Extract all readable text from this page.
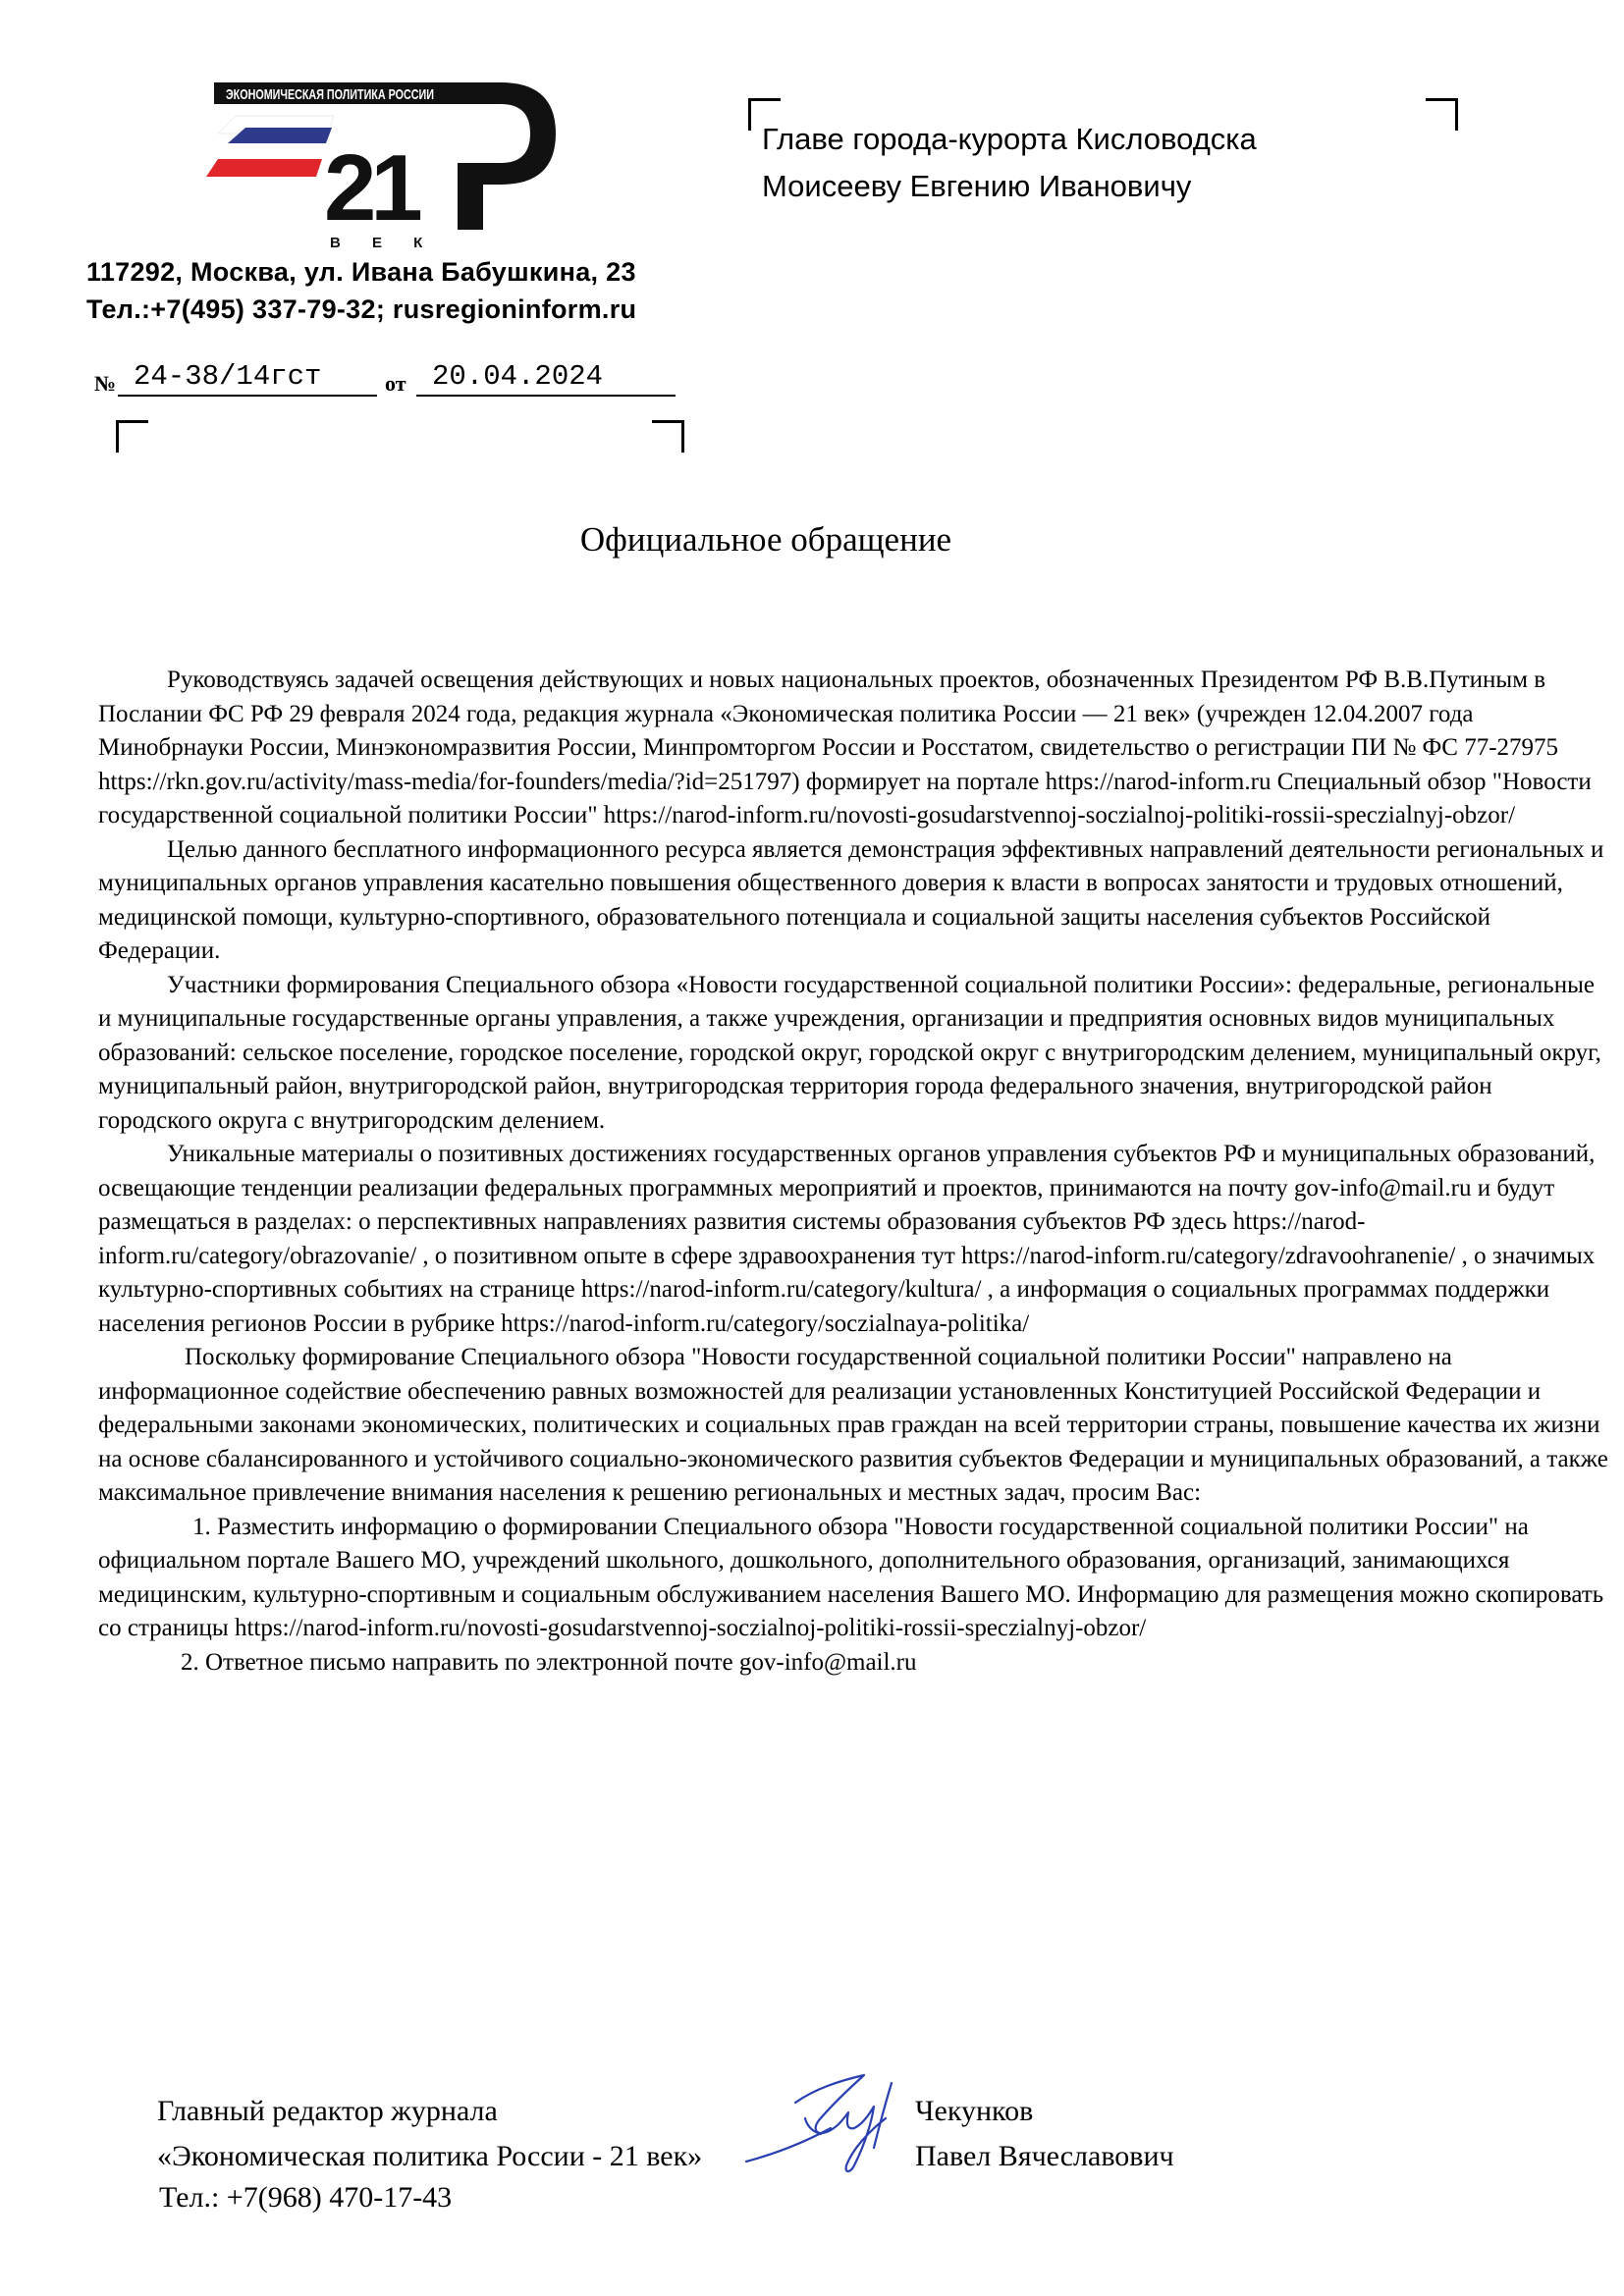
ЭКОНОМИЧЕСКАЯ ПОЛИТИКА РОССИИ
21
В Е К
117292, Москва, ул. Ивана Бабушкина, 23
Тел.:+7(495) 337-79-32; rusregioninform.ru
№ 24-38/14гст	от 20.04.2024
Главе города-курорта Кисловодска
Моисееву Евгению Ивановичу
Официальное обращение

Руководствуясь задачей освещения действующих и новых национальных проектов, обозначенных Президентом РФ В.В.Путиным в Послании ФС РФ 29 февраля 2024 года, редакция журнала «Экономическая политика России — 21 век» (учрежден 12.04.2007 года Минобрнауки России, Минэкономразвития России, Минпромторгом России и Росстатом, свидетельство о регистрации ПИ № ФС 77-27975 https://rkn.gov.ru/activity/mass-media/for-founders/media/?id=251797) формирует на портале https://narod-inform.ru Специальный обзор "Новости государственной социальной политики России" https://narod-inform.ru/novosti-gosudarstvennoj-soczialnoj-politiki-rossii-speczialnyj-obzor/

Целью данного бесплатного информационного ресурса является демонстрация эффективных направлений деятельности региональных и муниципальных органов управления касательно повышения общественного доверия к власти в вопросах занятости и трудовых отношений, медицинской помощи, культурно-спортивного, образовательного потенциала и социальной защиты населения субъектов Российской Федерации.

Участники формирования Специального обзора «Новости государственной социальной политики России»: федеральные, региональные и муниципальные государственные органы управления, а также учреждения, организации и предприятия основных видов муниципальных образований: сельское поселение, городское поселение, городской округ, городской округ с внутригородским делением, муниципальный округ, муниципальный район, внутригородской район, внутригородская территория города федерального значения, внутригородской район городского округа с внутригородским делением.

Уникальные материалы о позитивных достижениях государственных органов управления субъектов РФ и муниципальных образований, освещающие тенденции реализации федеральных программных мероприятий и проектов, принимаются на почту gov-info@mail.ru и будут размещаться в разделах: о перспективных направлениях развития системы образования субъектов РФ здесь https://narod-inform.ru/category/obrazovanie/ , о позитивном опыте в сфере здравоохранения тут https://narod-inform.ru/category/zdravoohranenie/ , о значимых культурно-спортивных событиях на странице https://narod-inform.ru/category/kultura/ , а информация о социальных программах поддержки населения регионов России в рубрике https://narod-inform.ru/category/soczialnaya-politika/

Поскольку формирование Специального обзора "Новости государственной социальной политики России" направлено на информационное содействие обеспечению равных возможностей для реализации установленных Конституцией Российской Федерации и федеральными законами экономических, политических и социальных прав граждан на всей территории страны, повышение качества их жизни на основе сбалансированного и устойчивого социально-экономического развития субъектов Федерации и муниципальных образований, а также максимальное привлечение внимания населения к решению региональных и местных задач, просим Вас:

1. Разместить информацию о формировании Специального обзора "Новости государственной социальной политики России" на официальном портале Вашего МО, учреждений школьного, дошкольного, дополнительного образования, организаций, занимающихся медицинским, культурно-спортивным и социальным обслуживанием населения Вашего МО. Информацию для размещения можно скопировать со страницы https://narod-inform.ru/novosti-gosudarstvennoj-soczialnoj-politiki-rossii-speczialnyj-obzor/

2. Ответное письмо направить по электронной почте gov-info@mail.ru

Главный редактор журнала
«Экономическая политика России - 21 век»
Тел.: +7(968) 470-17-43
Чекунков
Павел Вячеславович
